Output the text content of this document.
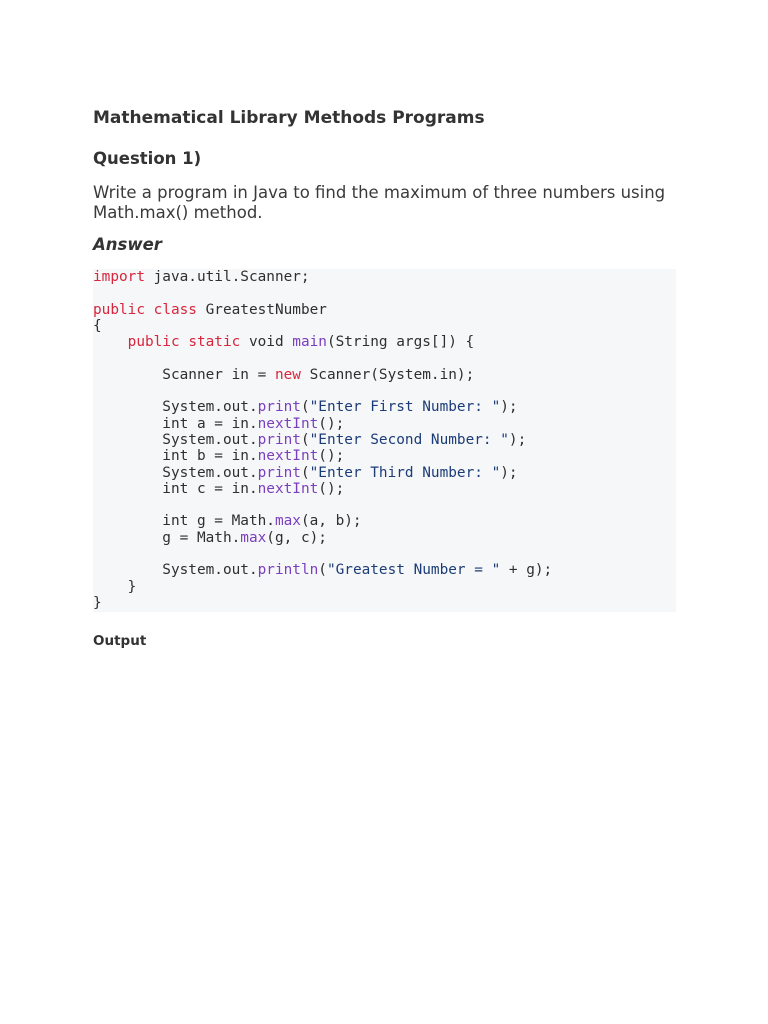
Mathematical Library Methods Programs
Question 1)

Write a program in Java to find the maximum of three numbers using Math.max() method.

Answer
import java.util.Scanner;

public class GreatestNumber
{
public static void main(String args[]) {

Scanner in = new Scanner(System.in);

System.out.print("Enter First Number: ");
int a = in.nextInt();
System.out.print("Enter Second Number: ");
int b = in.nextInt();
System.out.print("Enter Third Number: ");
int c = in.nextInt();

int g = Math.max(a, b);
g = Math.max(g, c);

System.out.println("Greatest Number = " + g);
}
}
Output
